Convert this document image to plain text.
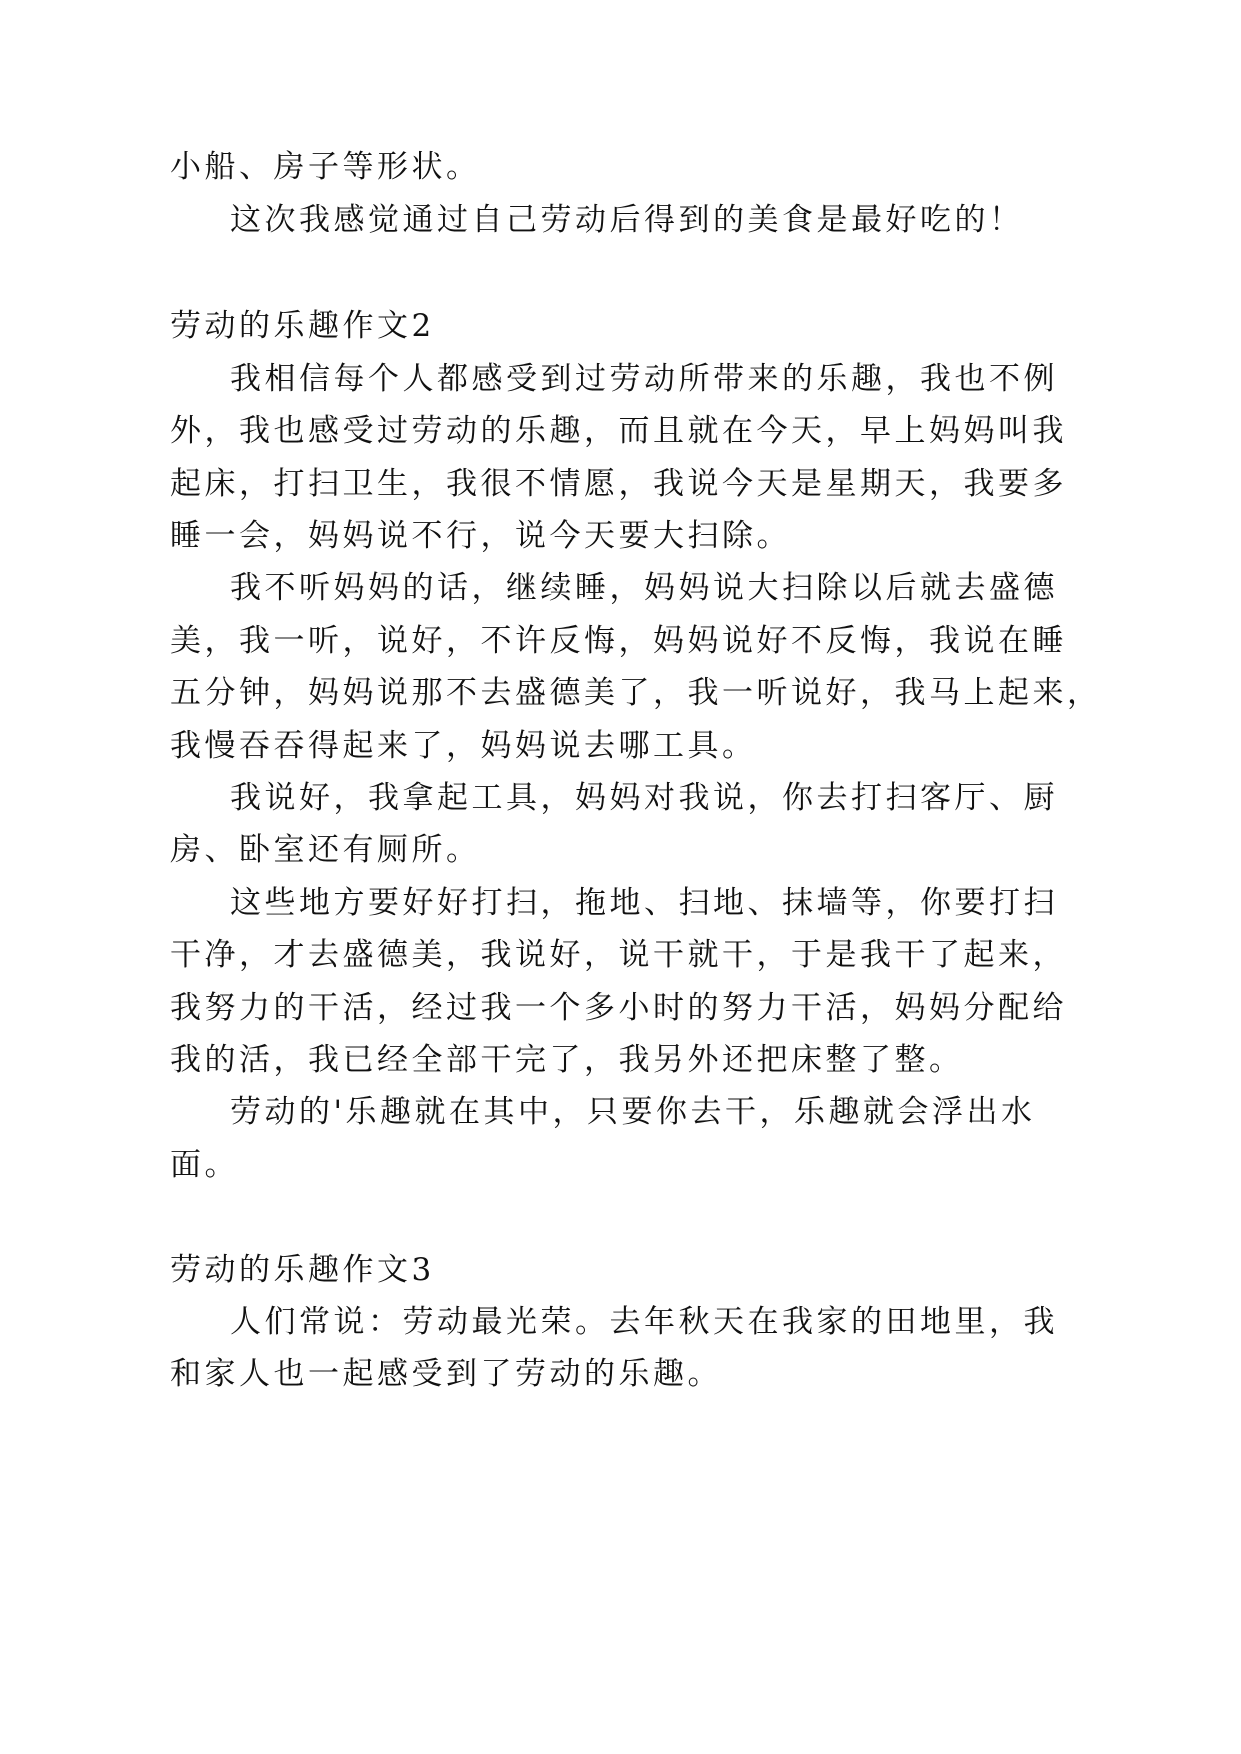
小船、房子等形状。

这次我感觉通过自己劳动后得到的美食是最好吃的！

劳动的乐趣作文2

我相信每个人都感受到过劳动所带来的乐趣，我也不例

外，我也感受过劳动的乐趣，而且就在今天，早上妈妈叫我

起床，打扫卫生，我很不情愿，我说今天是星期天，我要多

睡一会，妈妈说不行，说今天要大扫除。

我不听妈妈的话，继续睡，妈妈说大扫除以后就去盛德

美，我一听，说好，不许反悔，妈妈说好不反悔，我说在睡

五分钟，妈妈说那不去盛德美了，我一听说好，我马上起来，

我慢吞吞得起来了，妈妈说去哪工具。

我说好，我拿起工具，妈妈对我说，你去打扫客厅、厨

房、卧室还有厕所。

这些地方要好好打扫，拖地、扫地、抹墙等，你要打扫

干净，才去盛德美，我说好，说干就干，于是我干了起来，

我努力的干活，经过我一个多小时的努力干活，妈妈分配给

我的活，我已经全部干完了，我另外还把床整了整。

劳动的'乐趣就在其中，只要你去干，乐趣就会浮出水

面。

劳动的乐趣作文3

人们常说：劳动最光荣。去年秋天在我家的田地里，我

和家人也一起感受到了劳动的乐趣。
